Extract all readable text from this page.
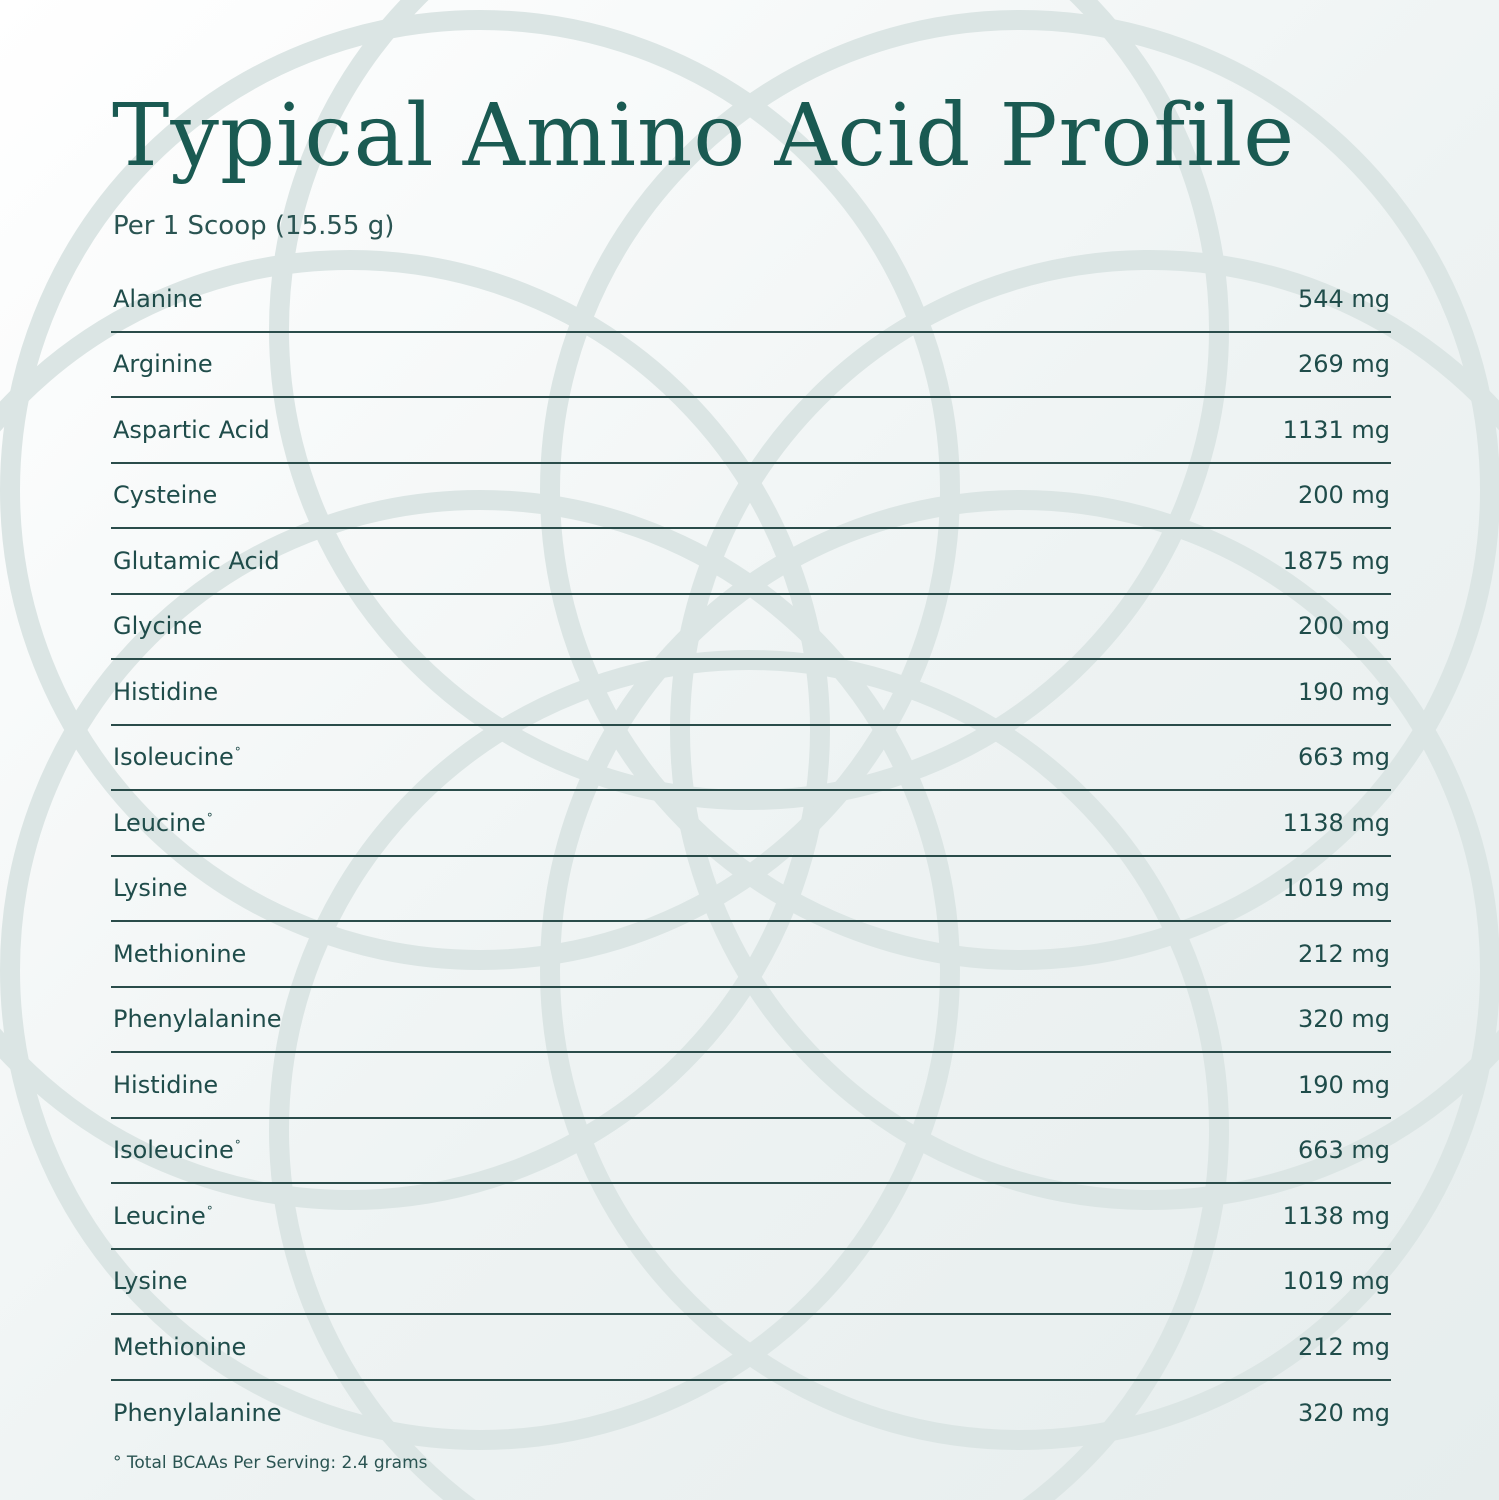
Typical Amino Acid Profile
Per 1 Scoop (15.55 g)
Alanine	544 mg
Arginine	269 mg
Aspartic Acid	1131 mg
Cysteine	200 mg
Glutamic Acid	1875 mg
Glycine	200 mg
Histidine	190 mg
Isoleucine°	663 mg
Leucine°	1138 mg
Lysine	1019 mg
Methionine	212 mg
Phenylalanine	320 mg
Histidine	190 mg
Isoleucine°	663 mg
Leucine°	1138 mg
Lysine	1019 mg
Methionine	212 mg
Phenylalanine	320 mg
° Total BCAAs Per Serving: 2.4 grams
